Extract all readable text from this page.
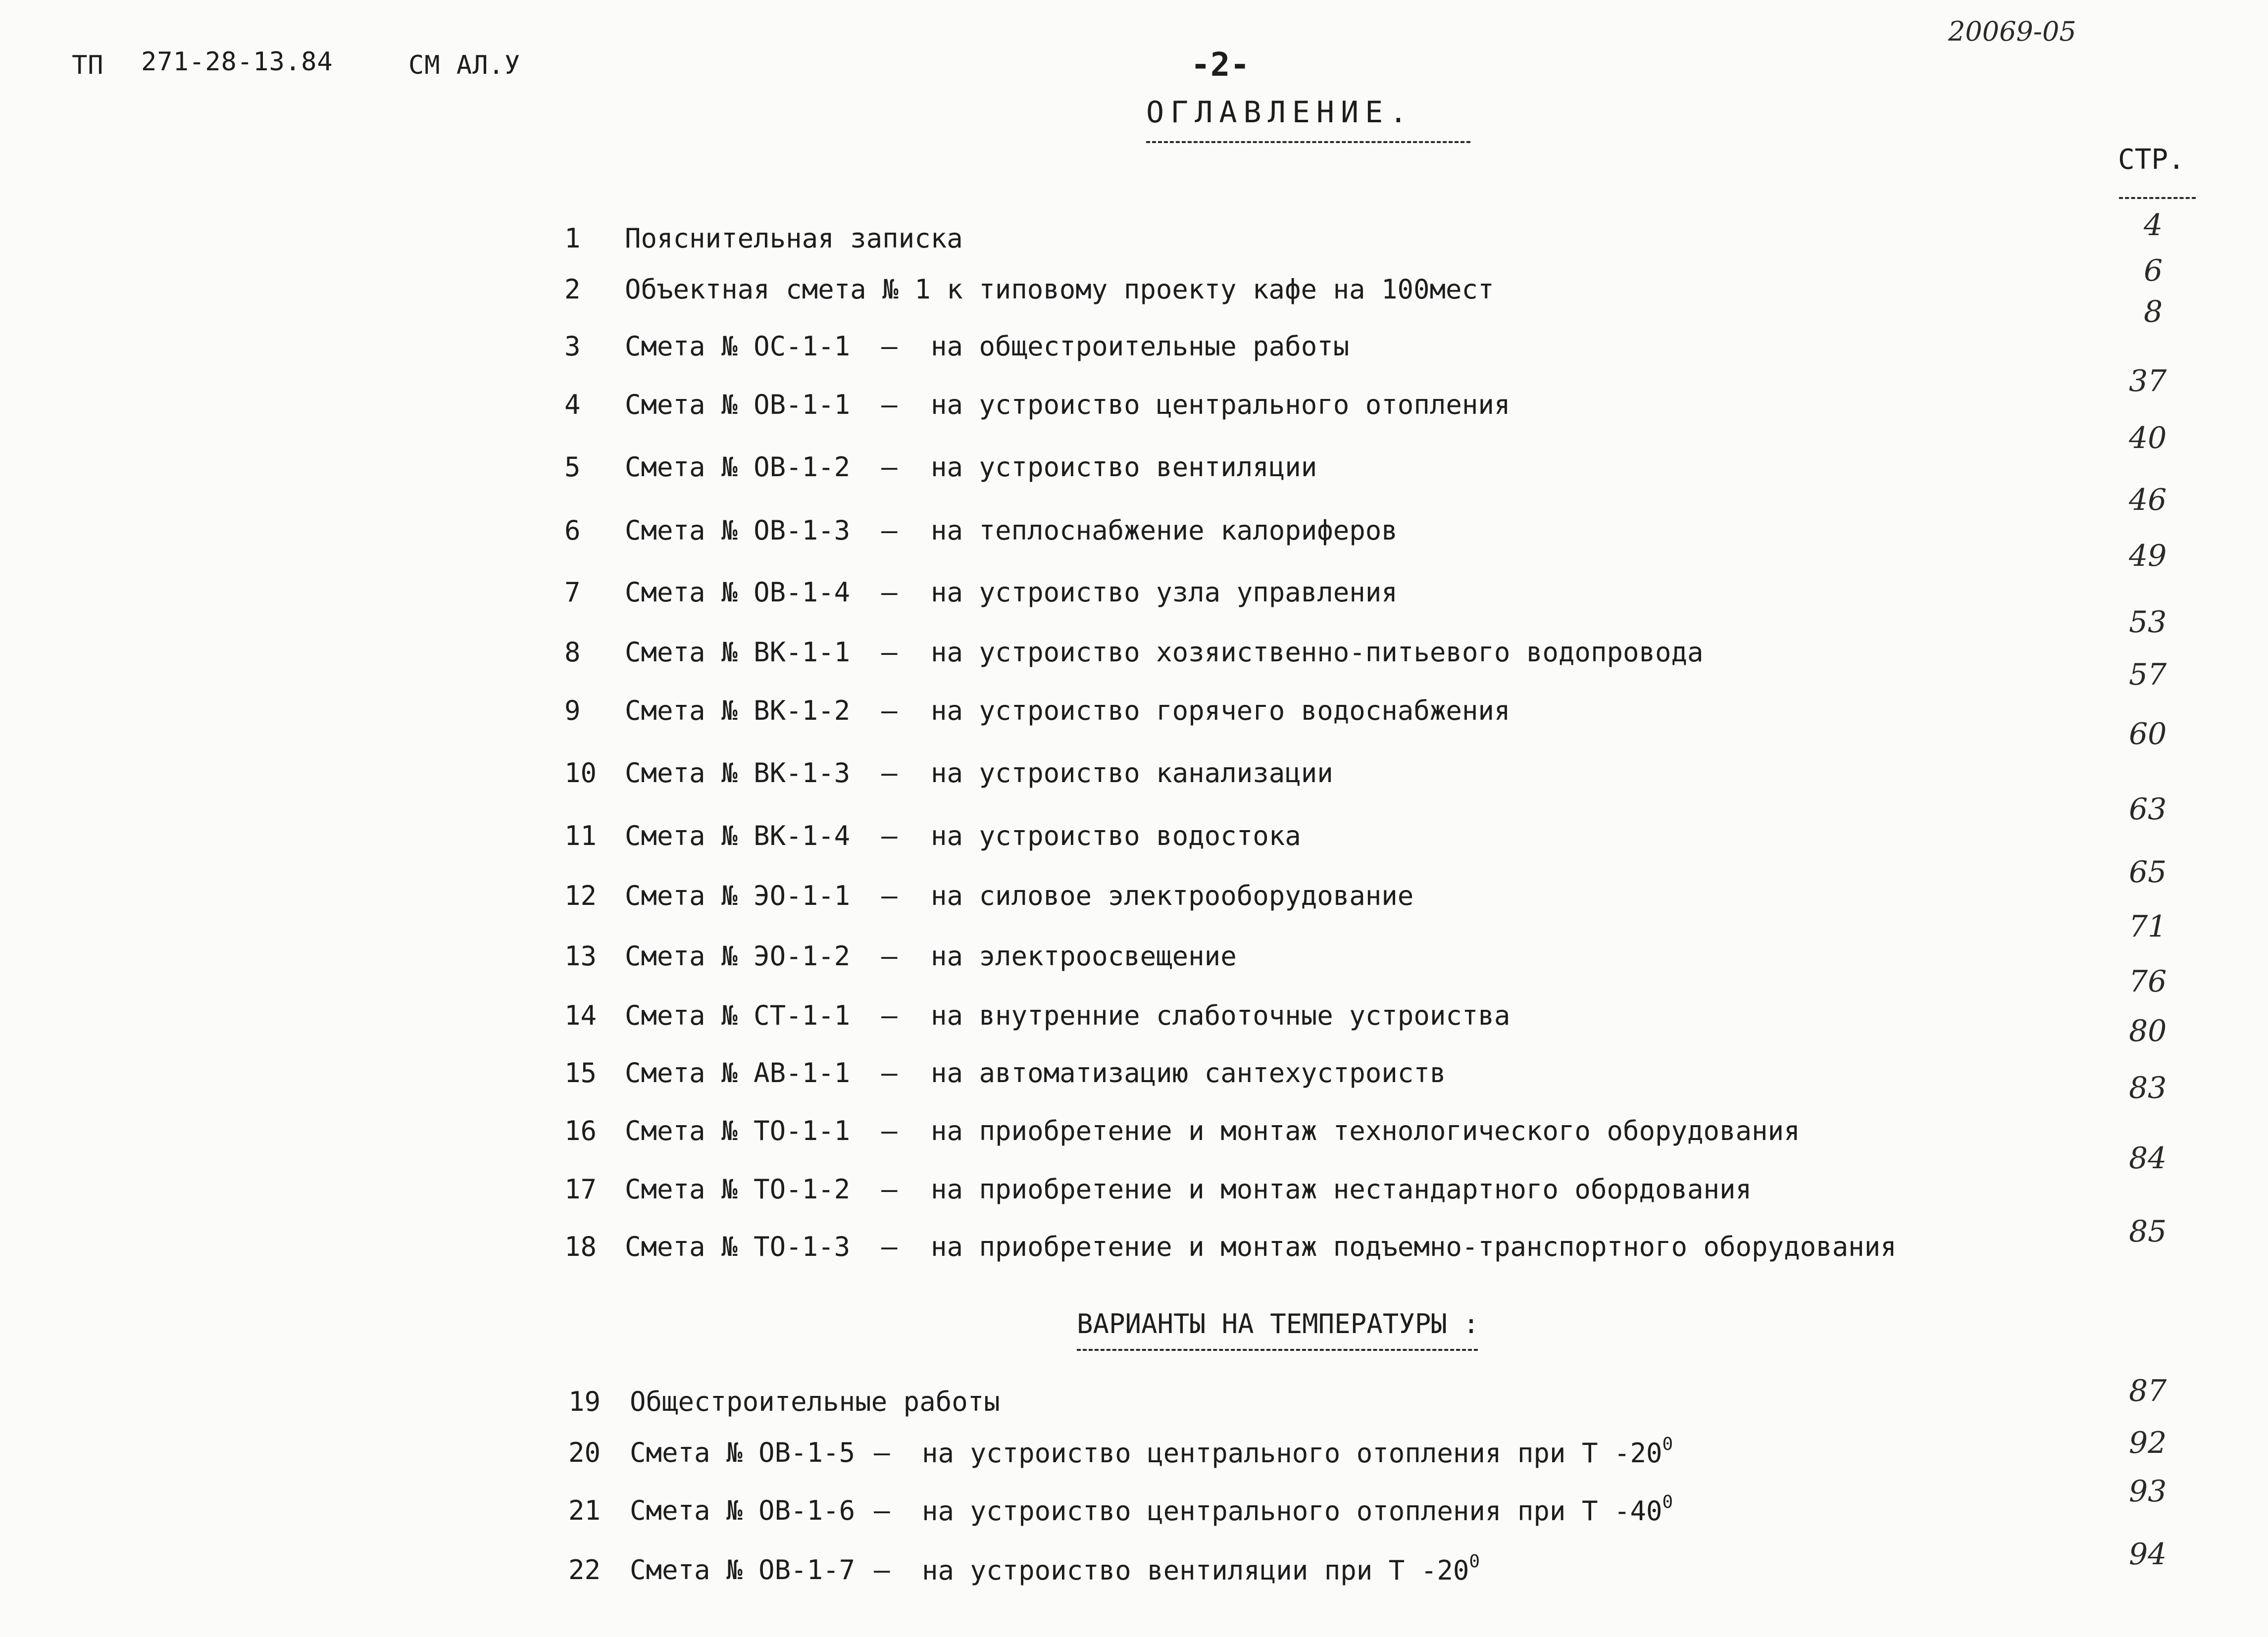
ТП 271-28-13.84	СМ АЛ.У	-2-
20069-05
ОГЛАВЛЕНИЕ.
СТР.
1 Пояснительная записка
2 Объектная смета № 1 к типовому проекту кафе на 100мест
3 Смета № ОС-1-1 – на общестроительные работы
4 Смета № ОВ-1-1 – на устроиство центрального отопления
5 Смета № ОВ-1-2 – на устроиство вентиляции
6 Смета № ОВ-1-3 – на теплоснабжение калориферов
7 Смета № ОВ-1-4 – на устроиство узла управления
8 Смета № ВК-1-1 – на устроиство хозяиственно-питьевого водопровода
9 Смета № ВК-1-2 – на устроиство горячего водоснабжения
10 Смета № ВК-1-3 – на устроиство канализации
11 Смета № ВК-1-4 – на устроиство водостока
12 Смета № ЭО-1-1 – на силовое электрооборудование
13 Смета № ЭО-1-2 – на электроосвещение
14 Смета № СТ-1-1 – на внутренние слаботочные устроиства
15 Смета № АВ-1-1 – на автоматизацию сантехустроиств
16 Смета № ТО-1-1 – на приобретение и монтаж технологического оборудования
17 Смета № ТО-1-2 – на приобретение и монтаж нестандартного обордования
18 Смета № ТО-1-3 – на приобретение и монтаж подъемно-транспортного оборудования
ВАРИАНТЫ НА ТЕМПЕРАТУРЫ :
19 Общестроительные работы
20 Смета № ОВ-1-5 – на устроиство центрального отопления при Т $-20^0$
21 Смета № ОВ-1-6 – на устроиство центрального отопления при Т $-40^0$
22 Смета № ОВ-1-7 – на устроиство вентиляции при Т $-20^0$
4
6
8
37
40
46
49
53
57
60
63
65
71
76
80
83
84
85
87
92
93
94
